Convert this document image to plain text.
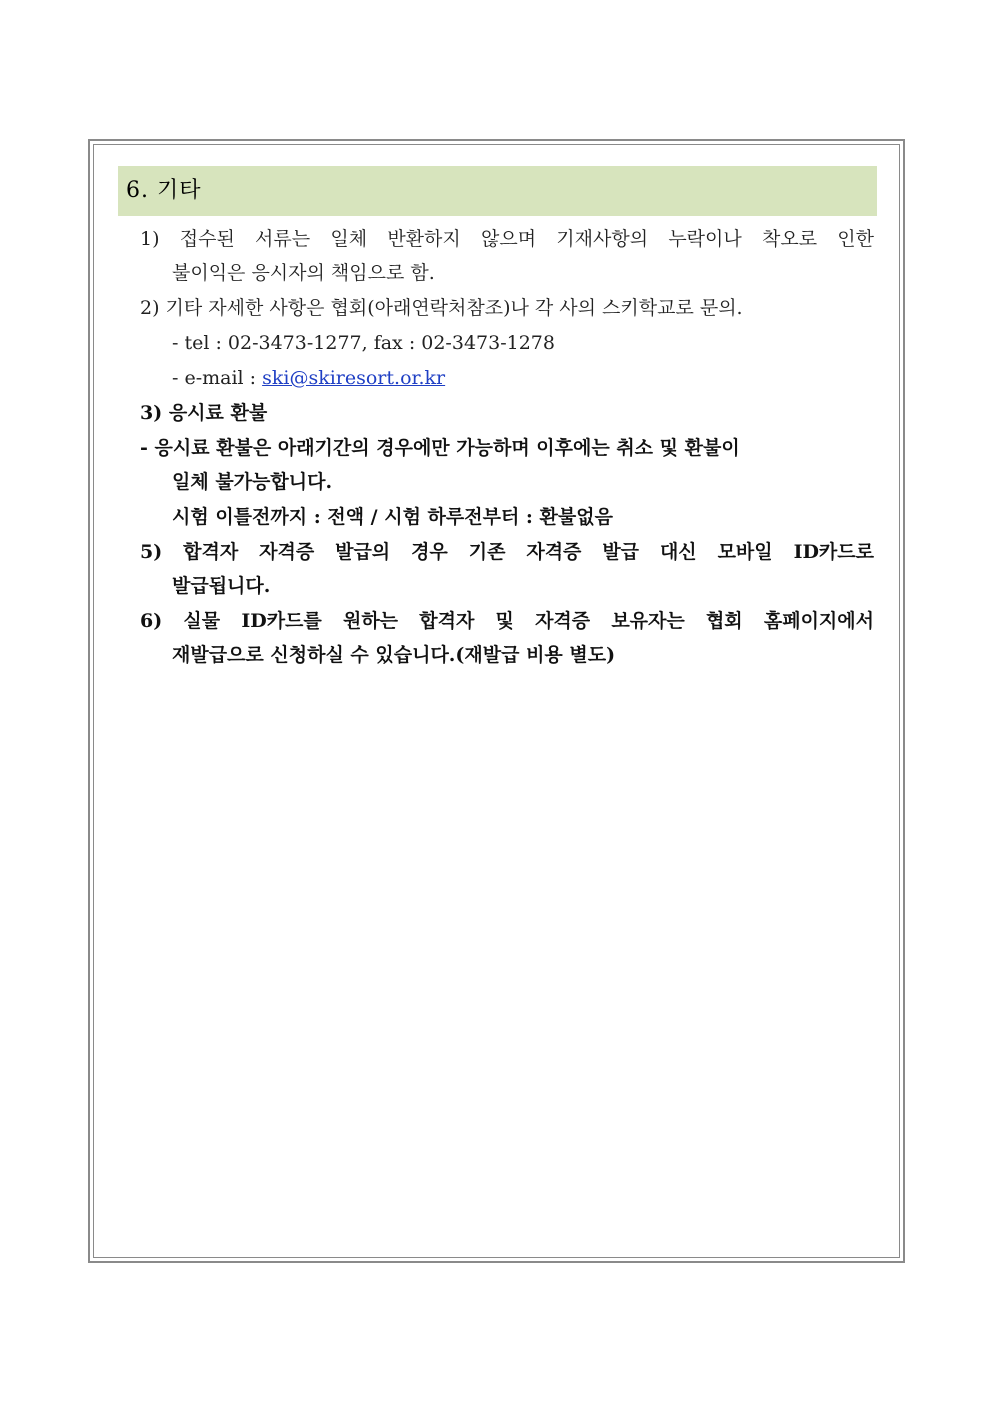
6. 기타
1) 접수된 서류는 일체 반환하지 않으며 기재사항의 누락이나 착오로 인한
불이익은 응시자의 책임으로 함.
2) 기타 자세한 사항은 협회(아래연락처참조)나 각 사의 스키학교로 문의.
- tel : 02-3473-1277, fax : 02-3473-1278
- e-mail : ski@skiresort.or.kr
3) 응시료 환불
- 응시료 환불은 아래기간의 경우에만 가능하며 이후에는 취소 및 환불이
일체 불가능합니다.
시험 이틀전까지 : 전액 / 시험 하루전부터 : 환불없음
5) 합격자 자격증 발급의 경우 기존 자격증 발급 대신 모바일 ID카드로
발급됩니다.
6) 실물 ID카드를 원하는 합격자 및 자격증 보유자는 협회 홈페이지에서
재발급으로 신청하실 수 있습니다.(재발급 비용 별도)
